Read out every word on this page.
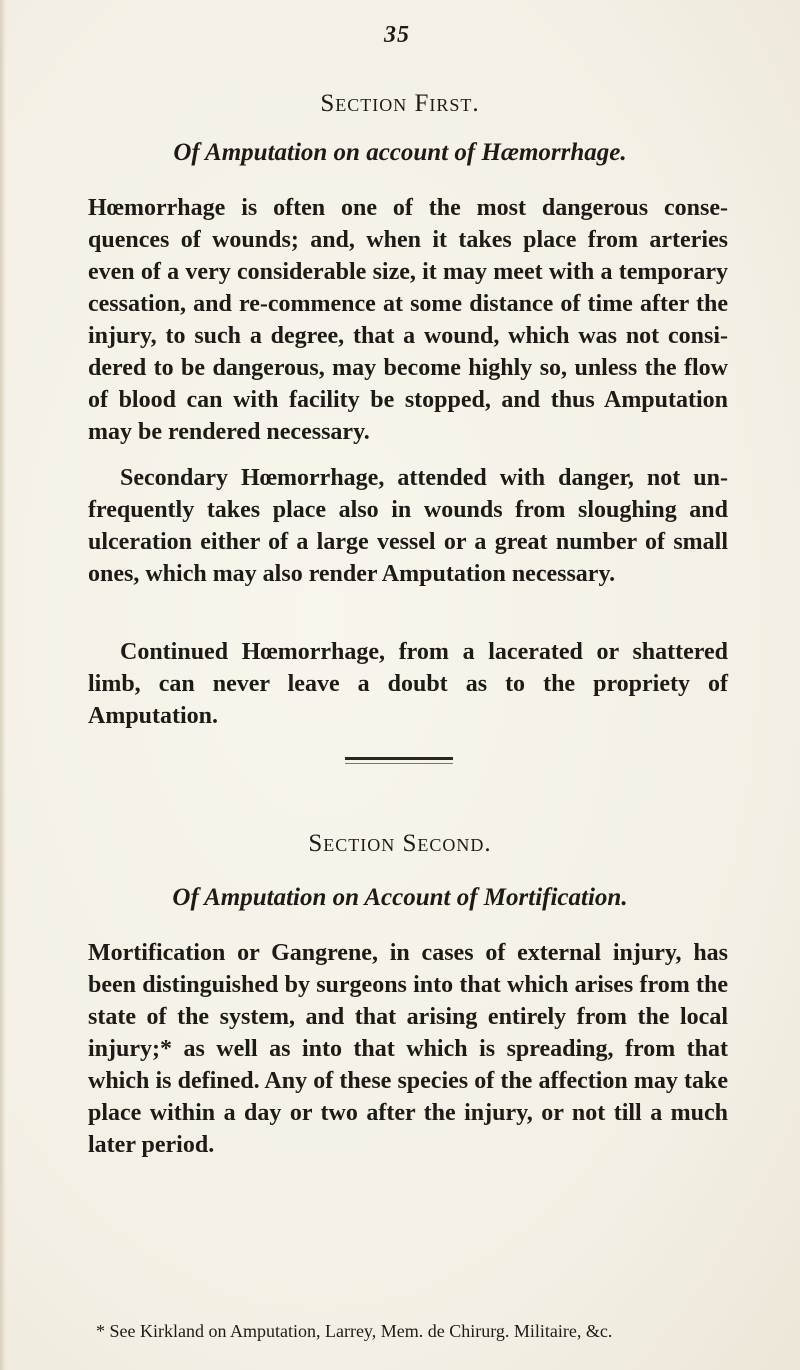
35
Section First.
Of Amputation on account of Hæmorrhage.

Hœmorrhage is often one of the most dangerous conse-quences of wounds; and, when it takes place from arteries even of a very considerable size, it may meet with a temporary cessation, and re-commence at some distance of time after the injury, to such a degree, that a wound, which was not consi-dered to be dangerous, may become highly so, unless the flow of blood can with facility be stopped, and thus Amputation may be rendered necessary.

Secondary Hœmorrhage, attended with danger, not un-frequently takes place also in wounds from sloughing and ulceration either of a large vessel or a great number of small ones, which may also render Amputation necessary.

Continued Hœmorrhage, from a lacerated or shattered limb, can never leave a doubt as to the propriety of Amputation.

Section Second.
Of Amputation on Account of Mortification.

Mortification or Gangrene, in cases of external injury, has been distinguished by surgeons into that which arises from the state of the system, and that arising entirely from the local injury;* as well as into that which is spreading, from that which is defined. Any of these species of the affection may take place within a day or two after the injury, or not till a much later period.

* See Kirkland on Amputation, Larrey, Mem. de Chirurg. Militaire, &c.
